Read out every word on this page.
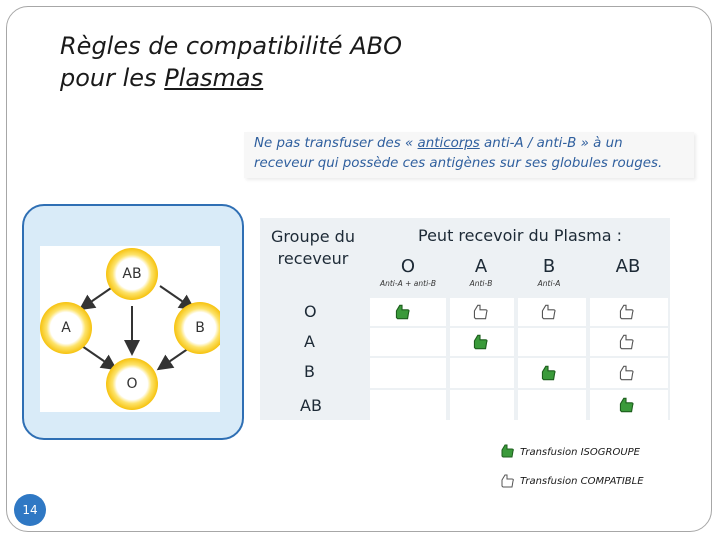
Règles de compatibilité ABO
pour les Plasmas
Ne pas transfuser des « anticorps anti-A / anti-B » à un receveur qui possède ces antigènes sur ses globules rouges.
AB
A	B
O
Groupe du receveur
Peut recevoir du Plasma :
O
Anti-A + anti-B
A
Anti-B
B
Anti-A
AB
O
A
B
AB
Transfusion ISOGROUPE
Transfusion COMPATIBLE
14
